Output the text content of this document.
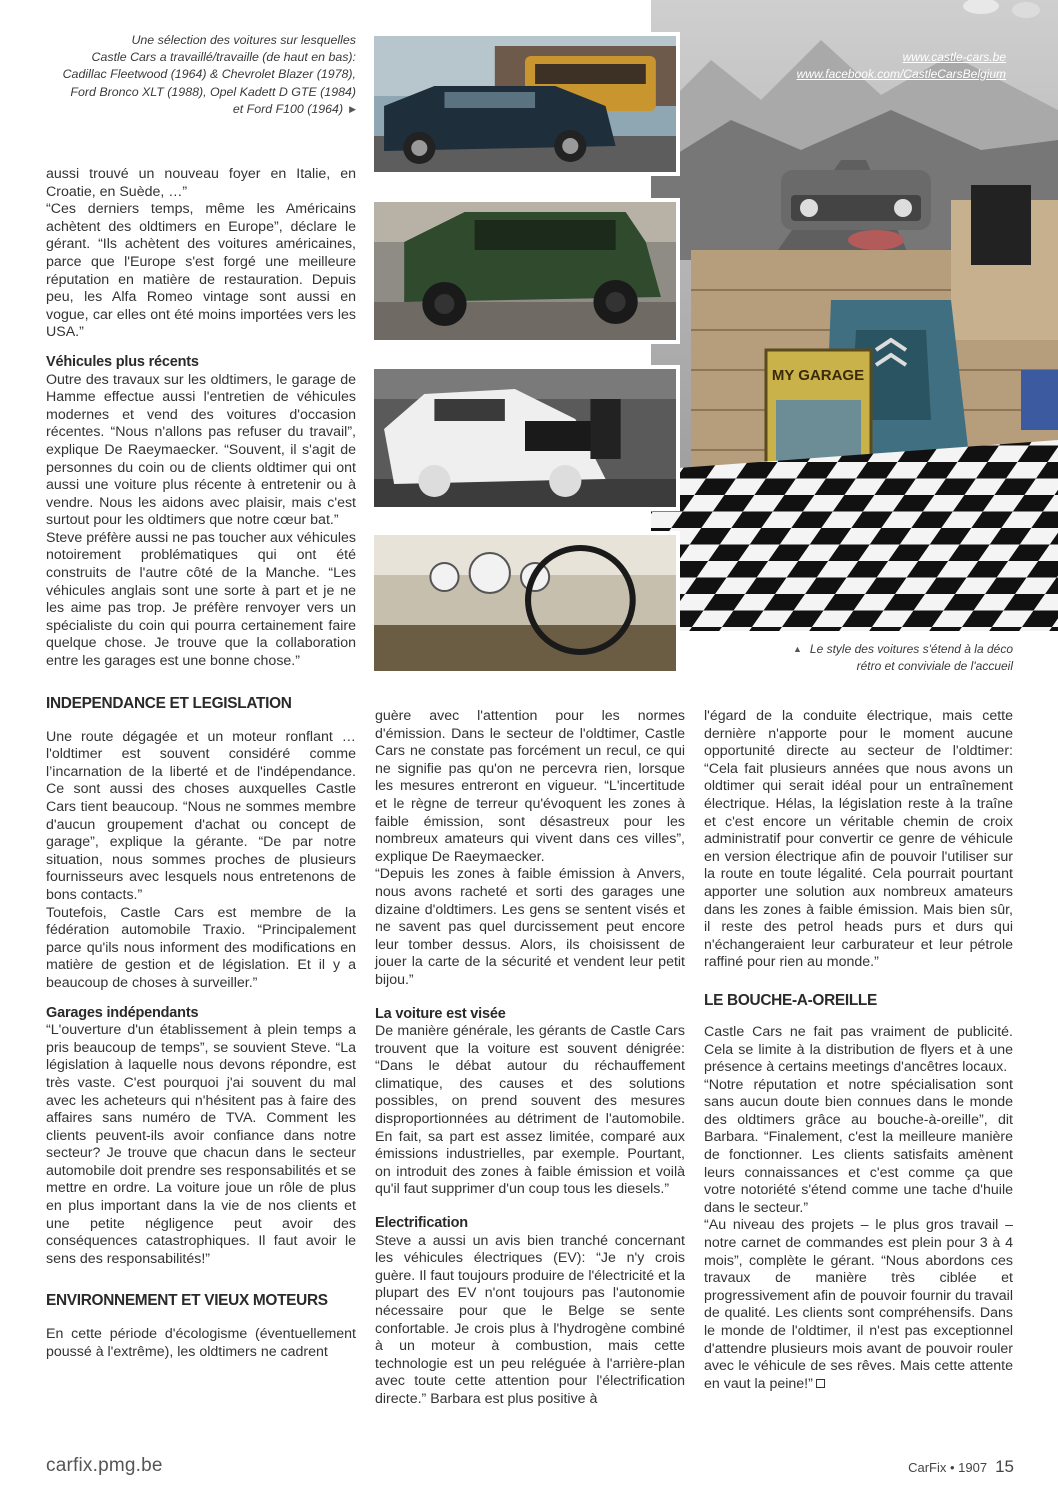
Une sélection des voitures sur lesquelles
Castle Cars a travaillé/travaille (de haut en bas):
Cadillac Fleetwood (1964) & Chevrolet Blazer (1978),
Ford Bronco XLT (1988), Opel Kadett D GTE (1984)
et Ford F100 (1964) ▶
MY GARAGE
www.castle-cars.be
www.facebook.com/CastleCarsBelgium
▲ Le style des voitures s'étend à la déco
rétro et conviviale de l'accueil

aussi trouvé un nouveau foyer en Italie, en Croatie, en Suède, …”

“Ces derniers temps, même les Américains achètent des oldtimers en Europe”, déclare le gérant. “Ils achètent des voitures américaines, parce que l'Europe s'est forgé une meilleure réputation en matière de restauration. Depuis peu, les Alfa Romeo vintage sont aussi en vogue, car elles ont été moins importées vers les USA.”

Véhicules plus récents

Outre des travaux sur les oldtimers, le garage de Hamme effectue aussi l'entretien de véhicules modernes et vend des voitures d'occasion récentes. “Nous n'allons pas refuser du travail”, explique De Raeymaecker. “Souvent, il s'agit de personnes du coin ou de clients oldtimer qui ont aussi une voiture plus récente à entretenir ou à vendre. Nous les aidons avec plaisir, mais c'est surtout pour les oldtimers que notre cœur bat.”

Steve préfère aussi ne pas toucher aux véhicules notoirement problématiques qui ont été construits de l'autre côté de la Manche. “Les véhicules anglais sont une sorte à part et je ne les aime pas trop. Je préfère renvoyer vers un spécialiste du coin qui pourra certainement faire quelque chose. Je trouve que la collaboration entre les garages est une bonne chose.”

INDEPENDANCE ET LEGISLATION

Une route dégagée et un moteur ronflant … l'oldtimer est souvent considéré comme l’incarnation de la liberté et de l'indépendance. Ce sont aussi des choses auxquelles Castle Cars tient beaucoup. “Nous ne sommes membre d'aucun groupement d'achat ou concept de garage”, explique la gérante. “De par notre situation, nous sommes proches de plusieurs fournisseurs avec lesquels nous entretenons de bons contacts.”

Toutefois, Castle Cars est membre de la fédération automobile Traxio. “Principalement parce qu'ils nous informent des modifications en matière de gestion et de législation. Et il y a beaucoup de choses à surveiller.”

Garages indépendants

“L'ouverture d'un établissement à plein temps a pris beaucoup de temps”, se souvient Steve. “La législation à laquelle nous devons répondre, est très vaste. C'est pourquoi j'ai souvent du mal avec les acheteurs qui n'hésitent pas à faire des affaires sans numéro de TVA. Comment les clients peuvent-ils avoir confiance dans notre secteur? Je trouve que chacun dans le secteur automobile doit prendre ses responsabilités et se mettre en ordre. La voiture joue un rôle de plus en plus important dans la vie de nos clients et une petite négligence peut avoir des conséquences catastrophiques. Il faut avoir le sens des responsabilités!”

ENVIRONNEMENT ET VIEUX MOTEURS

En cette période d'écologisme (éventuellement poussé à l'extrême), les oldtimers ne cadrent

guère avec l'attention pour les normes d'émission. Dans le secteur de l'oldtimer, Castle Cars ne constate pas forcément un recul, ce qui ne signifie pas qu'on ne percevra rien, lorsque les mesures entreront en vigueur. “L'incertitude et le règne de terreur qu'évoquent les zones à faible émission, sont désastreux pour les nombreux amateurs qui vivent dans ces villes”, explique De Raeymaecker.

“Depuis les zones à faible émission à Anvers, nous avons racheté et sorti des garages une dizaine d'oldtimers. Les gens se sentent visés et ne savent pas quel durcissement peut encore leur tomber dessus. Alors, ils choisissent de jouer la carte de la sécurité et vendent leur petit bijou.”

La voiture est visée

De manière générale, les gérants de Castle Cars trouvent que la voiture est souvent dénigrée: “Dans le débat autour du réchauffement climatique, des causes et des solutions possibles, on prend souvent des mesures disproportionnées au détriment de l'automobile. En fait, sa part est assez limitée, comparé aux émissions industrielles, par exemple. Pourtant, on introduit des zones à faible émission et voilà qu'il faut supprimer d'un coup tous les diesels.”

Electrification

Steve a aussi un avis bien tranché concernant les véhicules électriques (EV): “Je n'y crois guère. Il faut toujours produire de l'électricité et la plupart des EV n'ont toujours pas l'autonomie nécessaire pour que le Belge se sente confortable. Je crois plus à l'hydrogène combiné à un moteur à combustion, mais cette technologie est un peu reléguée à l'arrière-plan avec toute cette attention pour l'électrification directe.” Barbara est plus positive à

l'égard de la conduite électrique, mais cette dernière n'apporte pour le moment aucune opportunité directe au secteur de l'oldtimer: “Cela fait plusieurs années que nous avons un oldtimer qui serait idéal pour un entraînement électrique. Hélas, la législation reste à la traîne et c'est encore un véritable chemin de croix administratif pour convertir ce genre de véhicule en version électrique afin de pouvoir l'utiliser sur la route en toute légalité. Cela pourrait pourtant apporter une solution aux nombreux amateurs dans les zones à faible émission. Mais bien sûr, il reste des petrol heads purs et durs qui n'échangeraient leur carburateur et leur pétrole raffiné pour rien au monde.”

LE BOUCHE-A-OREILLE

Castle Cars ne fait pas vraiment de publicité. Cela se limite à la distribution de flyers et à une présence à certains meetings d'ancêtres locaux.

“Notre réputation et notre spécialisation sont sans aucun doute bien connues dans le monde des oldtimers grâce au bouche-à-oreille”, dit Barbara. “Finalement, c'est la meilleure manière de fonctionner. Les clients satisfaits amènent leurs connaissances et c'est comme ça que votre notoriété s'étend comme une tache d'huile dans le secteur.”

“Au niveau des projets – le plus gros travail – notre carnet de commandes est plein pour 3 à 4 mois”, complète le gérant. “Nous abordons ces travaux de manière très ciblée et progressivement afin de pouvoir fournir du travail de qualité. Les clients sont compréhensifs. Dans le monde de l'oldtimer, il n'est pas exceptionnel d'attendre plusieurs mois avant de pouvoir rouler avec le véhicule de ses rêves. Mais cette attente en vaut la peine!”

carfix.pmg.be	CarFix • 1907 15
